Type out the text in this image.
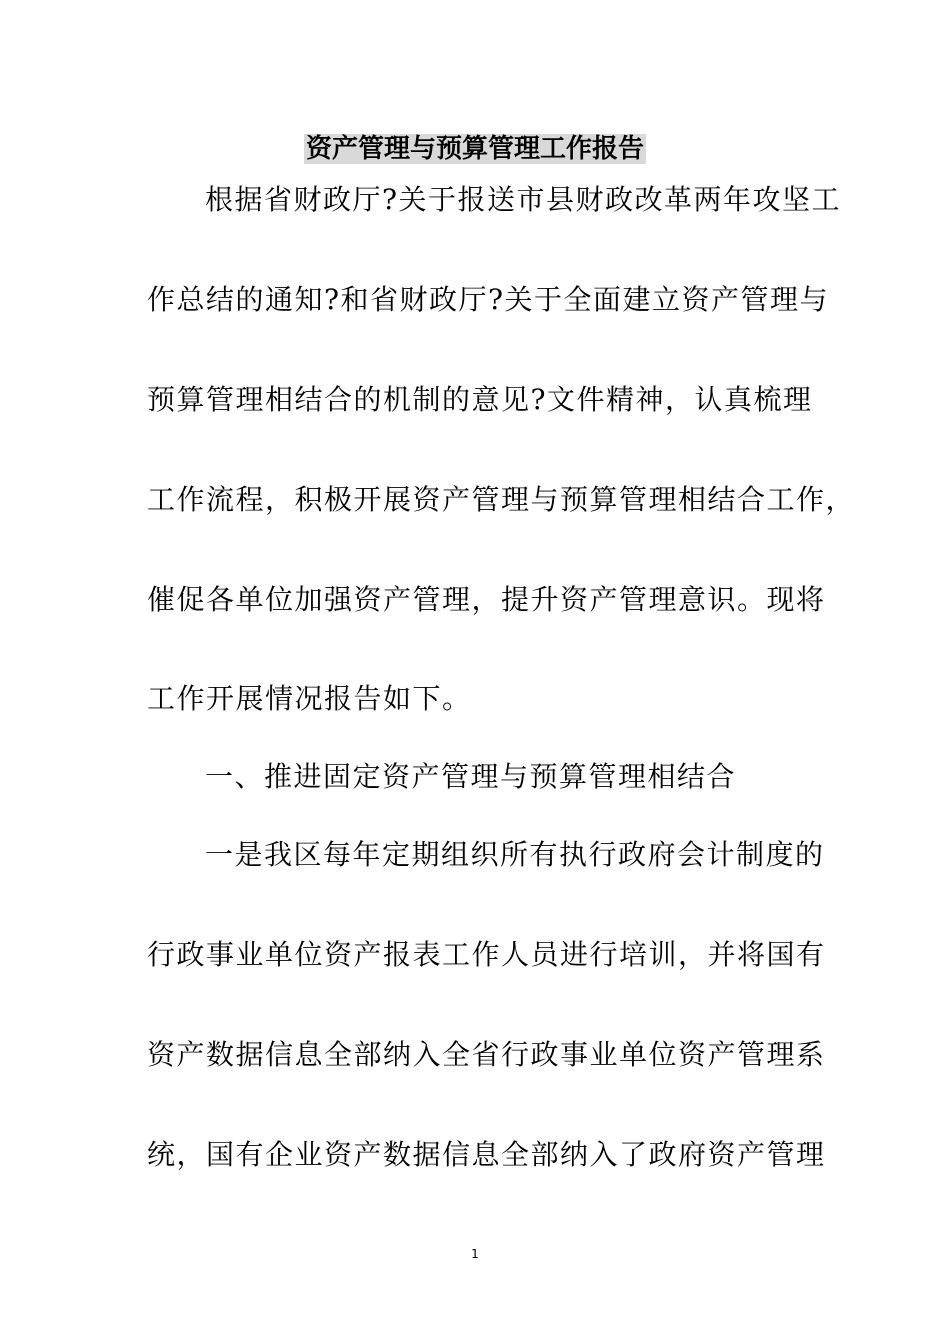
资产管理与预算管理工作报告
根据省财政厅?关于报送市县财政改革两年攻坚工
作总结的通知?和省财政厅?关于全面建立资产管理与
预算管理相结合的机制的意见?文件精神，认真梳理
工作流程，积极开展资产管理与预算管理相结合工作，
催促各单位加强资产管理，提升资产管理意识。现将
工作开展情况报告如下。
一、推进固定资产管理与预算管理相结合
一是我区每年定期组织所有执行政府会计制度的
行政事业单位资产报表工作人员进行培训，并将国有
资产数据信息全部纳入全省行政事业单位资产管理系
统，国有企业资产数据信息全部纳入了政府资产管理
1
